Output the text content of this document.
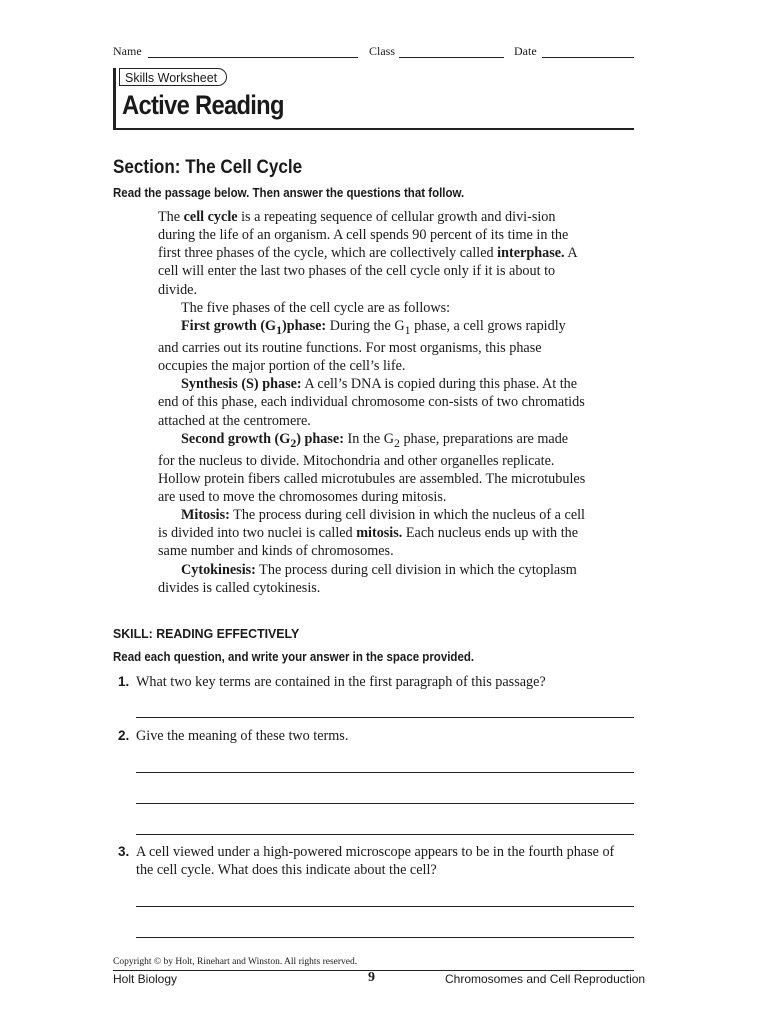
Name	Class	Date
Skills Worksheet
Active Reading
Section: The Cell Cycle
Read the passage below. Then answer the questions that follow.

The cell cycle is a repeating sequence of cellular growth and divi-sion during the life of an organism. A cell spends 90 percent of its time in the first three phases of the cycle, which are collectively called interphase. A cell will enter the last two phases of the cell cycle only if it is about to divide.

The five phases of the cell cycle are as follows:

First growth $(G_1)phase$: During the $G_1$ phase, a cell grows rapidly and carries out its routine functions. For most organisms, this phase occupies the major portion of the cell’s life.

Synthesis (S) phase: A cell’s DNA is copied during this phase. At the end of this phase, each individual chromosome con-sists of two chromatids attached at the centromere.

Second growth $(G_2)$ phase: In the $G_2$ phase, preparations are made for the nucleus to divide. Mitochondria and other organelles replicate. Hollow protein fibers called microtubules are assembled. The microtubules are used to move the chromosomes during mitosis.

Mitosis: The process during cell division in which the nucleus of a cell is divided into two nuclei is called mitosis. Each nucleus ends up with the same number and kinds of chromosomes.

Cytokinesis: The process during cell division in which the cytoplasm divides is called cytokinesis.

SKILL: READING EFFECTIVELY
Read each question, and write your answer in the space provided.
1. What two key terms are contained in the first paragraph of this passage?
2. Give the meaning of these two terms.
3. A cell viewed under a high-powered microscope appears to be in the fourth phase of the cell cycle. What does this indicate about the cell?
Copyright © by Holt, Rinehart and Winston. All rights reserved.
Holt Biology	9	Chromosomes and Cell Reproduction
